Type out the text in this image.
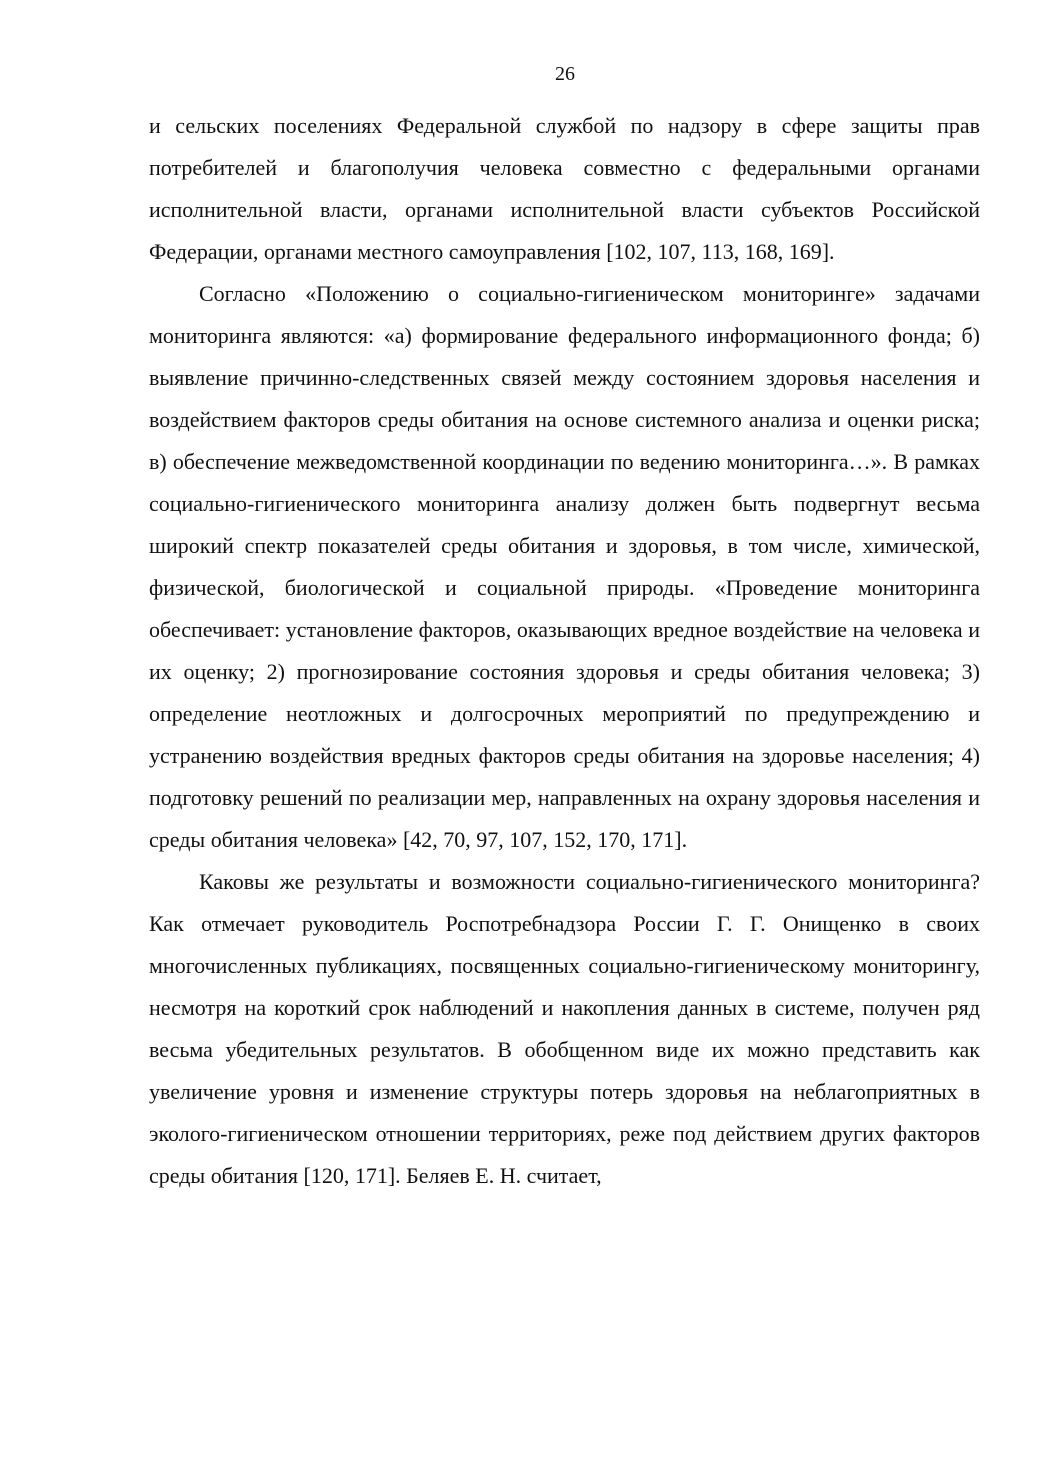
26

и сельских поселениях Федеральной службой по надзору в сфере защиты прав потребителей и благополучия человека совместно с федеральными органами исполнительной власти, органами исполнительной власти субъектов Российской Федерации, органами местного самоуправления [102, 107, 113, 168, 169].

Согласно «Положению о социально-гигиеническом мониторинге» задачами мониторинга являются: «а) формирование федерального информационного фонда; б) выявление причинно-следственных связей между состоянием здоровья населения и воздействием факторов среды обитания на основе системного анализа и оценки риска; в) обеспечение межведомственной координации по ведению мониторинга…». В рамках социально-гигиенического мониторинга анализу должен быть подвергнут весьма широкий спектр показателей среды обитания и здоровья, в том числе, химической, физической, биологической и социальной природы. «Проведение мониторинга обеспечивает: установление факторов, оказывающих вредное воздействие на человека и их оценку; 2) прогнозирование состояния здоровья и среды обитания человека; 3) определение неотложных и долгосрочных мероприятий по предупреждению и устранению воздействия вредных факторов среды обитания на здоровье населения; 4) подготовку решений по реализации мер, направленных на охрану здоровья населения и среды обитания человека» [42, 70, 97, 107, 152, 170, 171].

Каковы же результаты и возможности социально-гигиенического мониторинга? Как отмечает руководитель Роспотребнадзора России Г. Г. Онищенко в своих многочисленных публикациях, посвященных социально-гигиеническому мониторингу, несмотря на короткий срок наблюдений и накопления данных в системе, получен ряд весьма убедительных результатов. В обобщенном виде их можно представить как увеличение уровня и изменение структуры потерь здоровья на неблагоприятных в эколого-гигиеническом отношении территориях, реже под действием других факторов среды обитания [120, 171]. Беляев Е. Н. считает,
